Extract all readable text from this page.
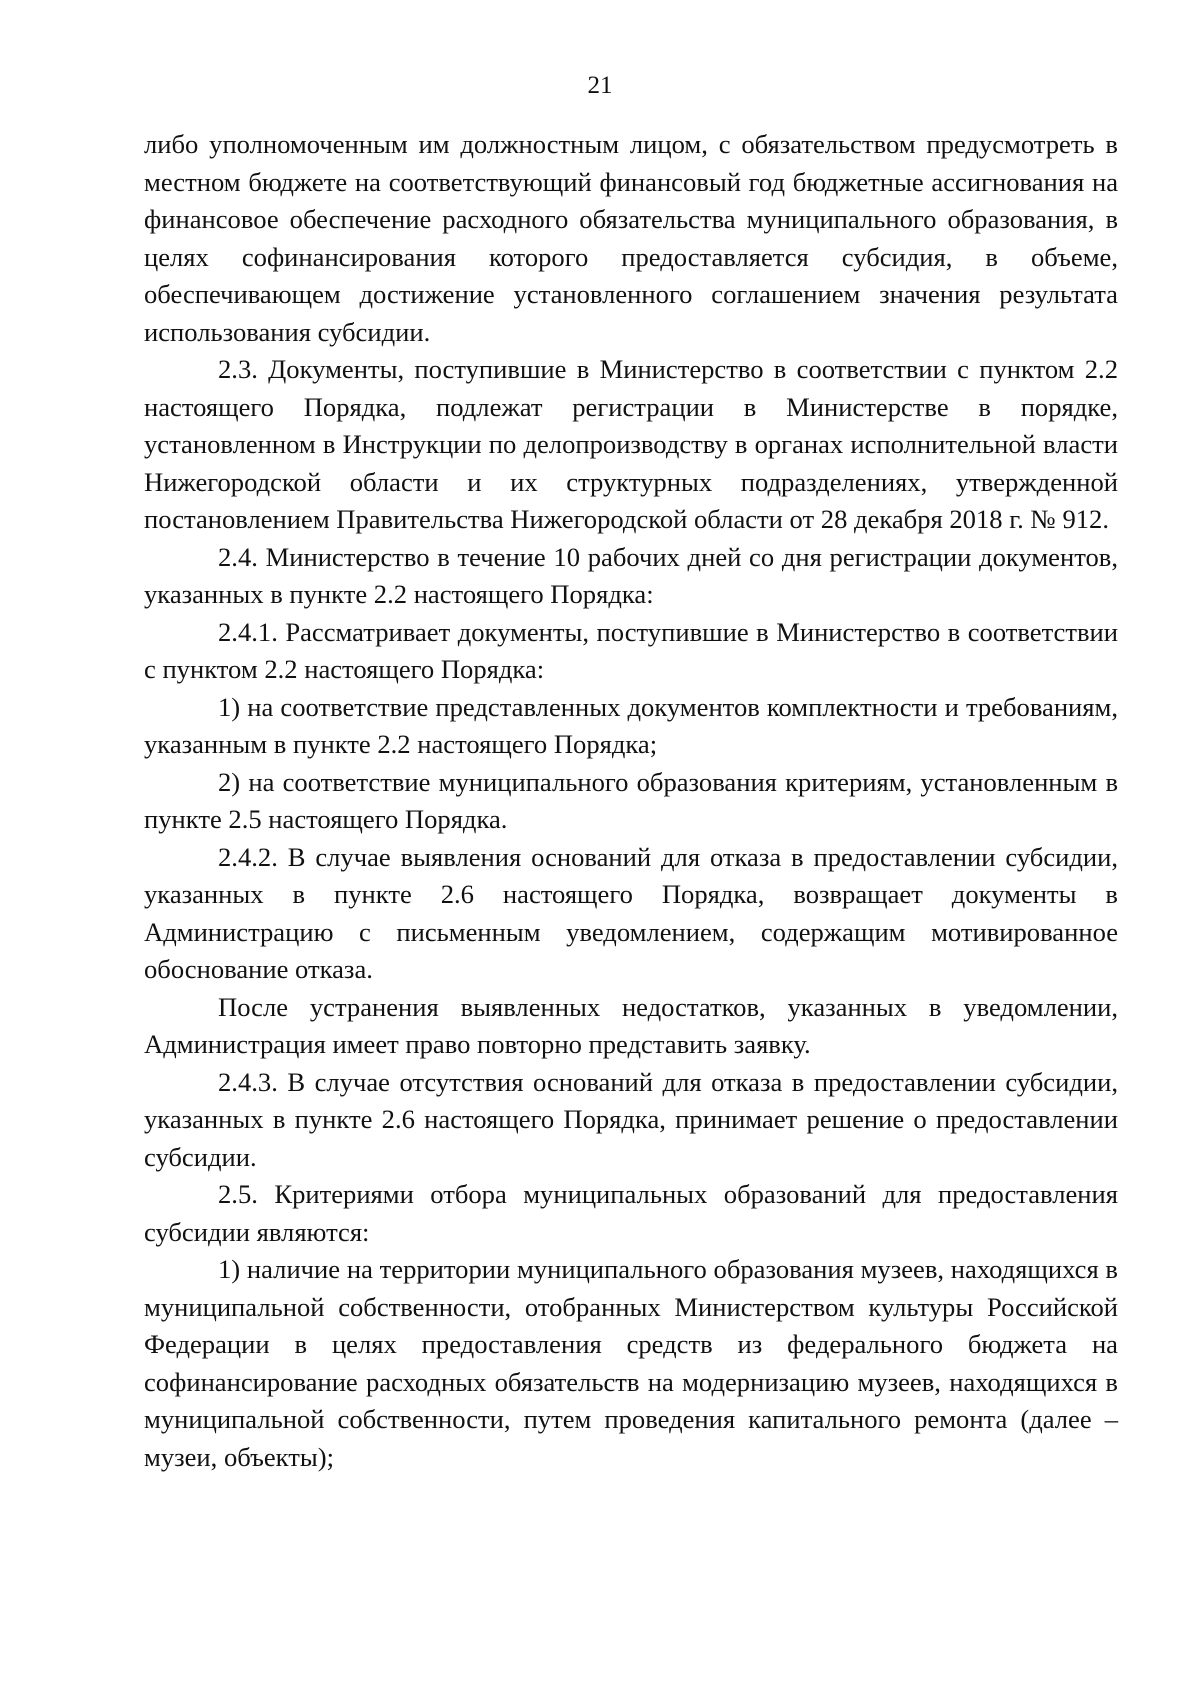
21

либо уполномоченным им должностным лицом, с обязательством предусмотреть в местном бюджете на соответствующий финансовый год бюджетные ассигнования на финансовое обеспечение расходного обязательства муниципального образования, в целях софинансирования которого предоставляется субсидия, в объеме, обеспечивающем достижение установленного соглашением значения результата использования субсидии.

2.3. Документы, поступившие в Министерство в соответствии с пунктом 2.2 настоящего Порядка, подлежат регистрации в Министерстве в порядке, установленном в Инструкции по делопроизводству в органах исполнительной власти Нижегородской области и их структурных подразделениях, утвержденной постановлением Правительства Нижегородской области от 28 декабря 2018 г. № 912.

2.4. Министерство в течение 10 рабочих дней со дня регистрации документов, указанных в пункте 2.2 настоящего Порядка:

2.4.1. Рассматривает документы, поступившие в Министерство в соответствии с пунктом 2.2 настоящего Порядка:

1) на соответствие представленных документов комплектности и требованиям, указанным в пункте 2.2 настоящего Порядка;

2) на соответствие муниципального образования критериям, установленным в пункте 2.5 настоящего Порядка.

2.4.2. В случае выявления оснований для отказа в предоставлении субсидии, указанных в пункте 2.6 настоящего Порядка, возвращает документы в Администрацию с письменным уведомлением, содержащим мотивированное обоснование отказа.

После устранения выявленных недостатков, указанных в уведомлении, Администрация имеет право повторно представить заявку.

2.4.3. В случае отсутствия оснований для отказа в предоставлении субсидии, указанных в пункте 2.6 настоящего Порядка, принимает решение о предоставлении субсидии.

2.5. Критериями отбора муниципальных образований для предоставления субсидии являются:

1) наличие на территории муниципального образования музеев, находящихся в муниципальной собственности, отобранных Министерством культуры Российской Федерации в целях предоставления средств из федерального бюджета на софинансирование расходных обязательств на модернизацию музеев, находящихся в муниципальной собственности, путем проведения капитального ремонта (далее – музеи, объекты);
